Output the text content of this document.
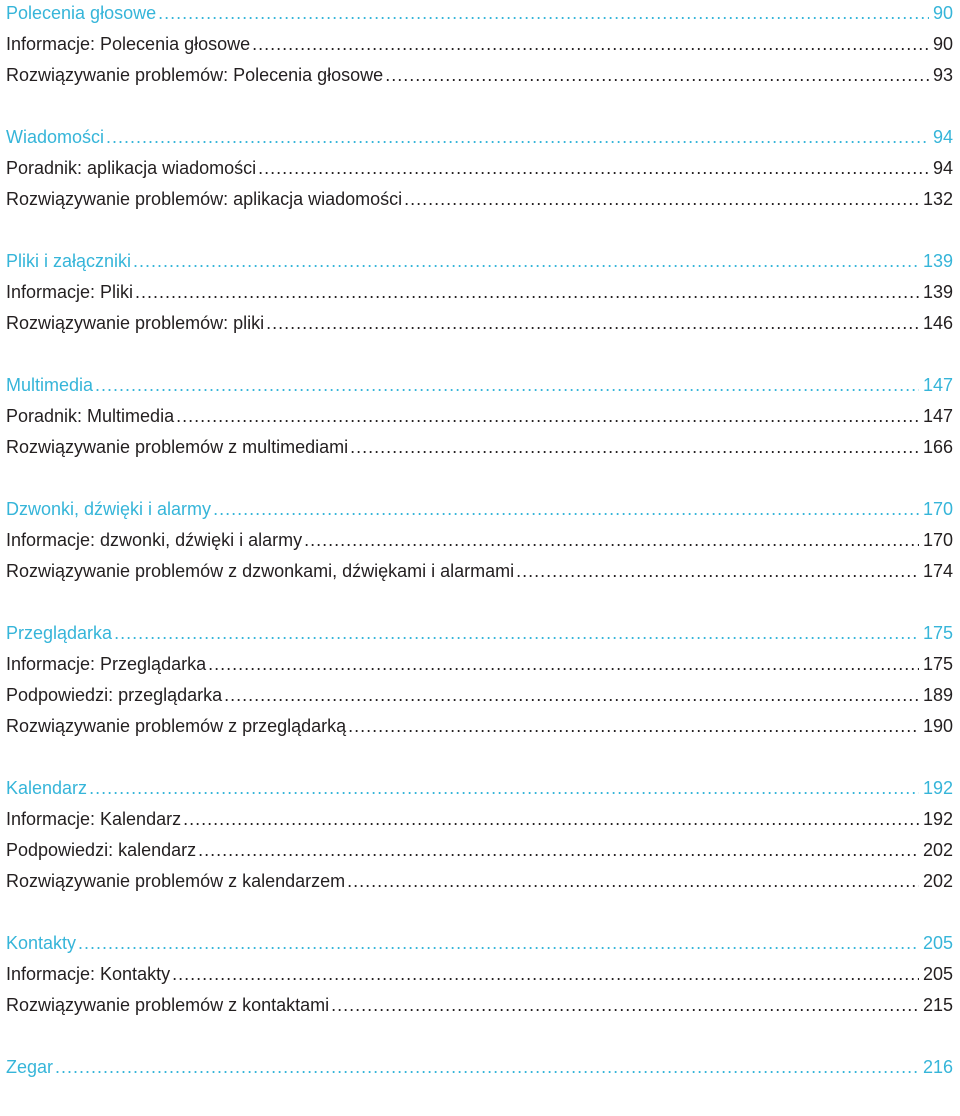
Polecenia głosowe .....	90
Informacje: Polecenia głosowe .....	90
Rozwiązywanie problemów: Polecenia głosowe .....	93
Wiadomości .....	94
Poradnik: aplikacja wiadomości .....	94
Rozwiązywanie problemów: aplikacja wiadomości .....	132
Pliki i załączniki .....	139
Informacje: Pliki .....	139
Rozwiązywanie problemów: pliki .....	146
Multimedia .....	147
Poradnik: Multimedia .....	147
Rozwiązywanie problemów z multimediami .....	166
Dzwonki, dźwięki i alarmy .....	170
Informacje: dzwonki, dźwięki i alarmy .....	170
Rozwiązywanie problemów z dzwonkami, dźwiękami i alarmami .....	174
Przeglądarka .....	175
Informacje: Przeglądarka .....	175
Podpowiedzi: przeglądarka .....	189
Rozwiązywanie problemów z przeglądarką .....	190
Kalendarz .....	192
Informacje: Kalendarz .....	192
Podpowiedzi: kalendarz .....	202
Rozwiązywanie problemów z kalendarzem .....	202
Kontakty .....	205
Informacje: Kontakty .....	205
Rozwiązywanie problemów z kontaktami .....	215
Zegar .....	216
